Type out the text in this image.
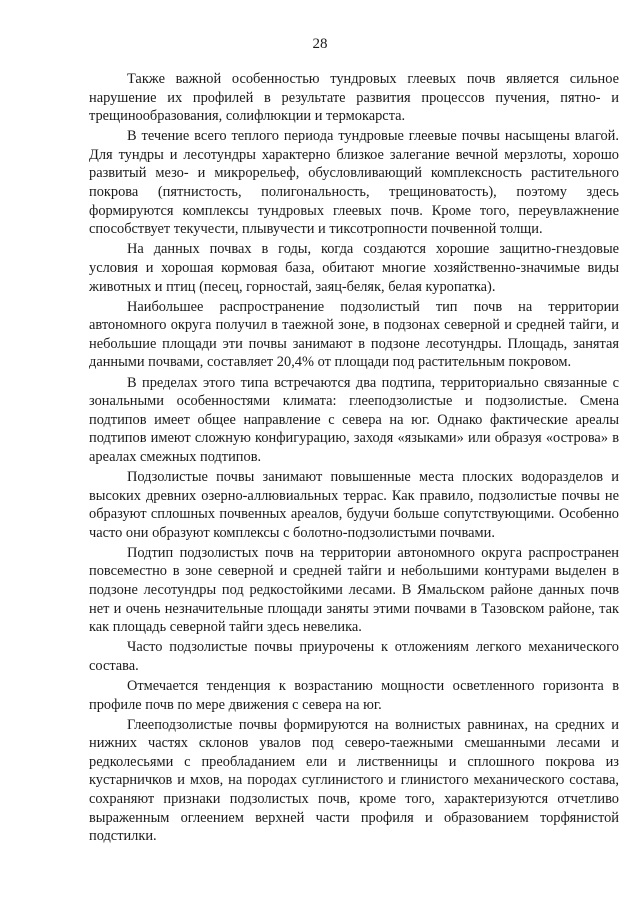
28

Также важной особенностью тундровых глеевых почв является сильное нарушение их профилей в результате развития процессов пучения, пятно- и трещинообразования, солифлюкции и термокарста.

В течение всего теплого периода тундровые глеевые почвы насыщены влагой. Для тундры и лесотундры характерно близкое залегание вечной мерзлоты, хорошо развитый мезо- и микрорельеф, обусловливающий комплексность растительного покрова (пятнистость, полигональность, трещиноватость), поэтому здесь формируются комплексы тундровых глеевых почв. Кроме того, переувлажнение способствует текучести, плывучести и тиксотропности почвенной толщи.

На данных почвах в годы, когда создаются хорошие защитно-гнездовые условия и хорошая кормовая база, обитают многие хозяйственно-значимые виды животных и птиц (песец, горностай, заяц-беляк, белая куропатка).

Наибольшее распространение подзолистый тип почв на территории автономного округа получил в таежной зоне, в подзонах северной и средней тайги, и небольшие площади эти почвы занимают в подзоне лесотундры. Площадь, занятая данными почвами, составляет 20,4% от площади под растительным покровом.

В пределах этого типа встречаются два подтипа, территориально связанные с зональными особенностями климата: глееподзолистые и подзолистые. Смена подтипов имеет общее направление с севера на юг. Однако фактические ареалы подтипов имеют сложную конфигурацию, заходя «языками» или образуя «острова» в ареалах смежных подтипов.

Подзолистые почвы занимают повышенные места плоских водоразделов и высоких древних озерно-аллювиальных террас. Как правило, подзолистые почвы не образуют сплошных почвенных ареалов, будучи больше сопутствующими. Особенно часто они образуют комплексы с болотно-подзолистыми почвами.

Подтип подзолистых почв на территории автономного округа распространен повсеместно в зоне северной и средней тайги и небольшими контурами выделен в подзоне лесотундры под редкостойкими лесами. В Ямальском районе данных почв нет и очень незначительные площади заняты этими почвами в Тазовском районе, так как площадь северной тайги здесь невелика.

Часто подзолистые почвы приурочены к отложениям легкого механического состава.

Отмечается тенденция к возрастанию мощности осветленного горизонта в профиле почв по мере движения с севера на юг.

Глееподзолистые почвы формируются на волнистых равнинах, на средних и нижних частях склонов увалов под северо-таежными смешанными лесами и редколесьями с преобладанием ели и лиственницы и сплошного покрова из кустарничков и мхов, на породах суглинистого и глинистого механического состава, сохраняют признаки подзолистых почв, кроме того, характеризуются отчетливо выраженным оглеением верхней части профиля и образованием торфянистой подстилки.
